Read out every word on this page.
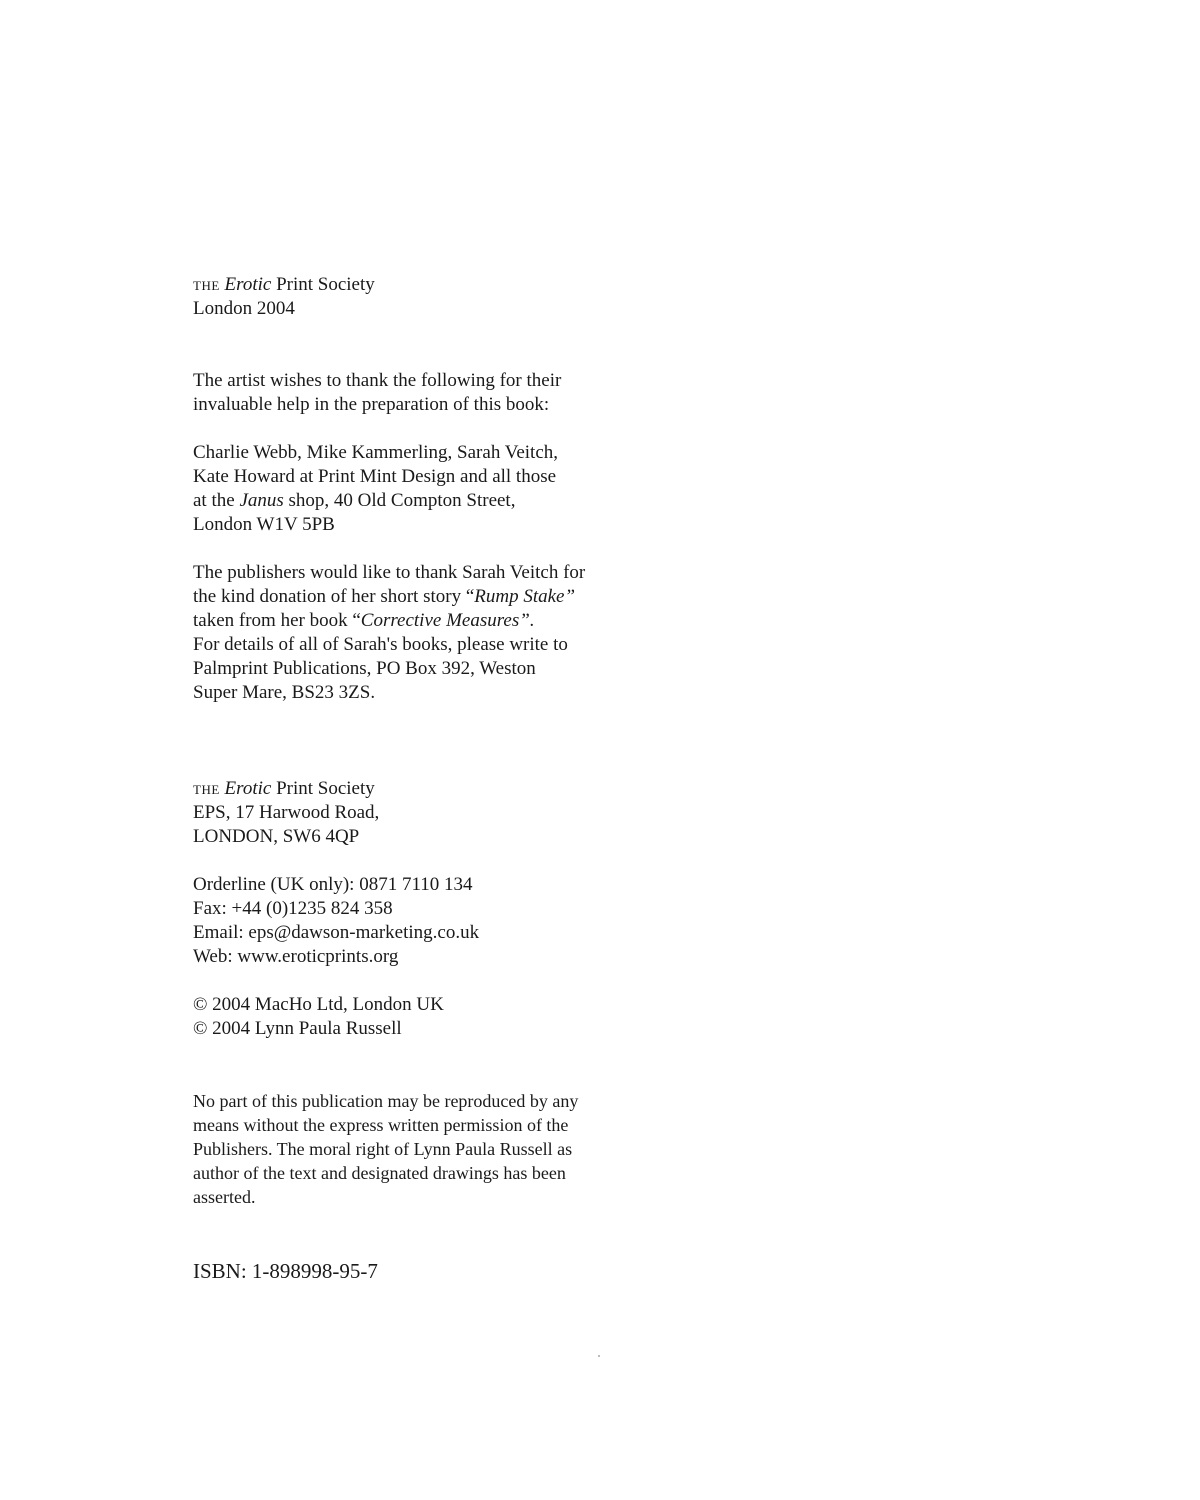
the Erotic Print Society
London 2004
The artist wishes to thank the following for their
invaluable help in the preparation of this book:
Charlie Webb, Mike Kammerling, Sarah Veitch,
Kate Howard at Print Mint Design and all those
at the Janus shop, 40 Old Compton Street,
London W1V 5PB
The publishers would like to thank Sarah Veitch for
the kind donation of her short story “Rump Stake”
taken from her book “Corrective Measures”.
For details of all of Sarah's books, please write to
Palmprint Publications, PO Box 392, Weston
Super Mare, BS23 3ZS.
the Erotic Print Society
EPS, 17 Harwood Road,
LONDON, SW6 4QP
Orderline (UK only): 0871 7110 134
Fax: +44 (0)1235 824 358
Email: eps@dawson-marketing.co.uk
Web: www.eroticprints.org
© 2004 MacHo Ltd, London UK
© 2004 Lynn Paula Russell
No part of this publication may be reproduced by any
means without the express written permission of the
Publishers. The moral right of Lynn Paula Russell as
author of the text and designated drawings has been
asserted.
ISBN: 1-898998-95-7
